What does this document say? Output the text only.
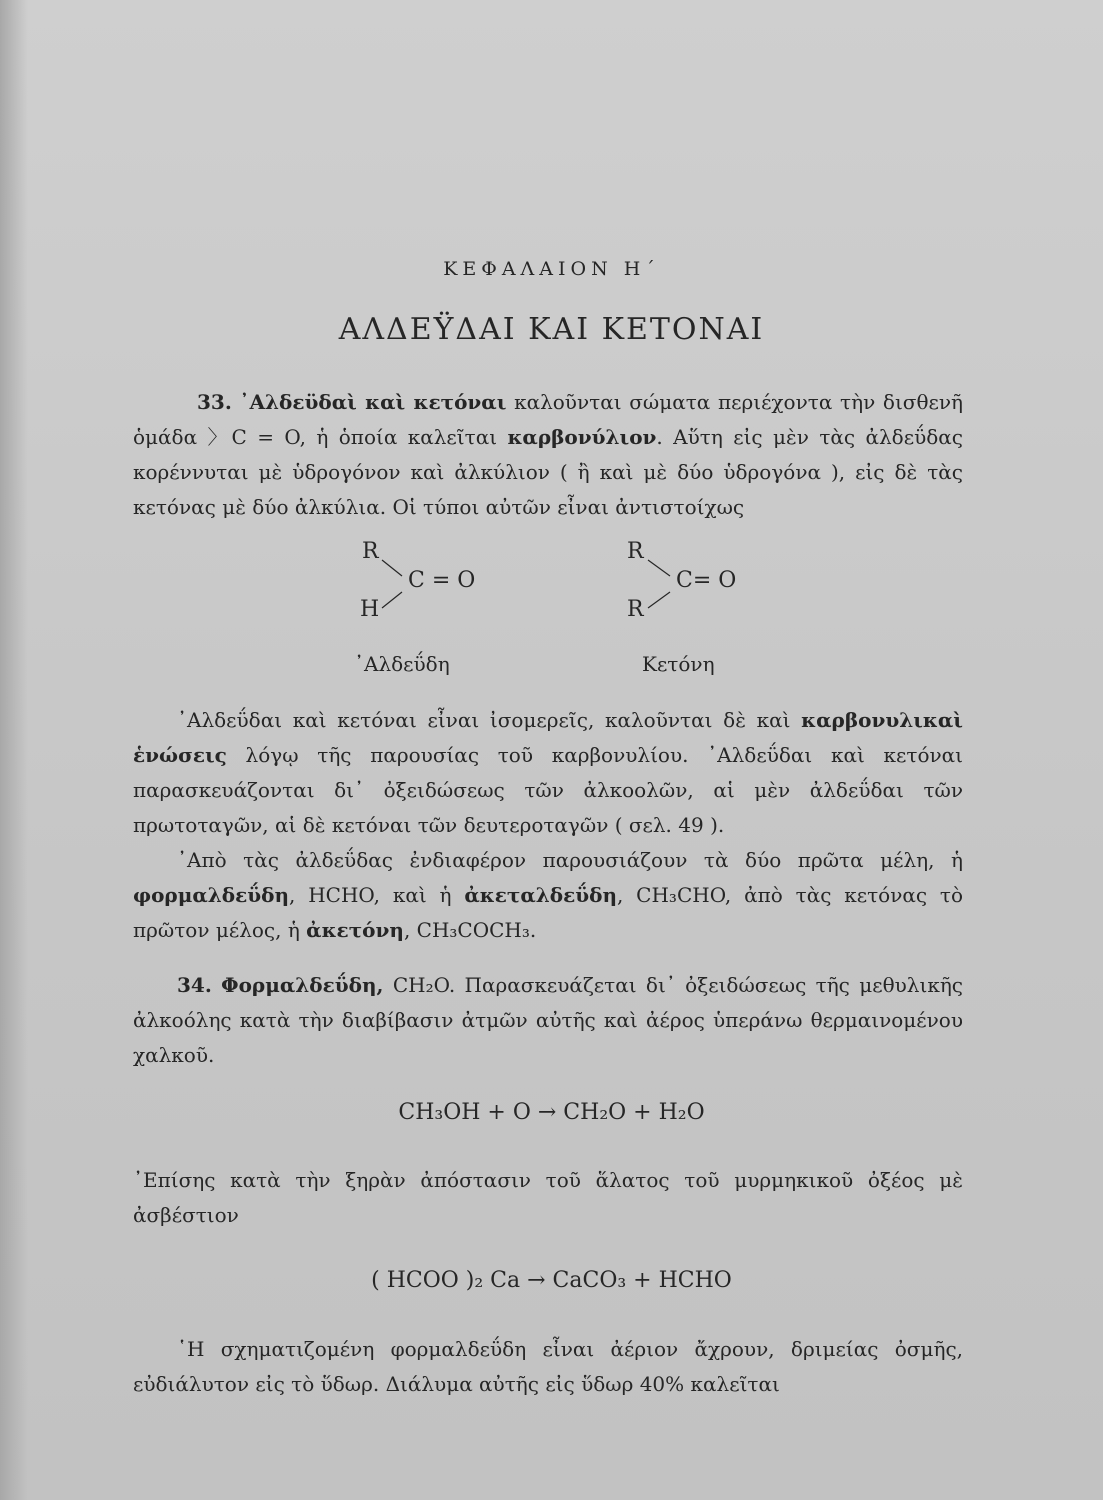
ΚΕΦΑΛΑΙΟΝ Η΄
ΑΛΔΕΫΔΑΙ ΚΑΙ ΚΕΤΟΝΑΙ
33. ᾿Αλδεϋδαὶ καὶ κετόναι καλοῦνται σώματα περιέχοντα τὴν δισθενῆ ὁμάδα 〉C = O, ἡ ὁποία καλεῖται καρβονύλιον. Αὕτη εἰς μὲν τὰς ἀλδεΰδας κορέννυται μὲ ὑδρογόνον καὶ ἀλκύλιον ( ἢ καὶ μὲ δύο ὑδρογόνα ), εἰς δὲ τὰς κετόνας μὲ δύο ἀλκύλια. Οἱ τύποι αὐτῶν εἶναι ἀντιστοίχως
R
C = O
H
R
C= O
R
᾿Αλδεΰδη	Κετόνη
᾿Αλδεΰδαι καὶ κετόναι εἶναι ἰσομερεῖς, καλοῦνται δὲ καὶ καρβονυλικαὶ ἑνώσεις λόγῳ τῆς παρουσίας τοῦ καρβονυλίου. ᾿Αλδεΰδαι καὶ κετόναι παρασκευάζονται δι᾿ ὀξειδώσεως τῶν ἀλκοολῶν, αἱ μὲν ἀλδεΰδαι τῶν πρωτοταγῶν, αἱ δὲ κετόναι τῶν δευτεροταγῶν ( σελ. 49 ).
᾿Απὸ τὰς ἀλδεΰδας ἐνδιαφέρον παρουσιάζουν τὰ δύο πρῶτα μέλη, ἡ φορμαλδεΰδη, HCHO, καὶ ἡ ἀκεταλδεΰδη, CH₃CHO, ἀπὸ τὰς κετόνας τὸ πρῶτον μέλος, ἡ ἀκετόνη, CH₃COCH₃.
34. Φορμαλδεΰδη, CH₂O. Παρασκευάζεται δι᾿ ὀξειδώσεως τῆς μεθυλικῆς ἀλκοόλης κατὰ τὴν διαβίβασιν ἀτμῶν αὐτῆς καὶ ἀέρος ὑπεράνω θερμαινομένου χαλκοῦ.
CH₃OH + O → CH₂O + H₂O
᾿Επίσης κατὰ τὴν ξηρὰν ἀπόστασιν τοῦ ἅλατος τοῦ μυρμηκικοῦ ὀξέος μὲ ἀσβέστιον
( HCOO )₂ Ca → CaCO₃ + HCHO
῾Η σχηματιζομένη φορμαλδεΰδη εἶναι ἀέριον ἄχρουν, δριμείας ὀσμῆς, εὐδιάλυτον εἰς τὸ ὕδωρ. Διάλυμα αὐτῆς εἰς ὕδωρ 40% καλεῖται
